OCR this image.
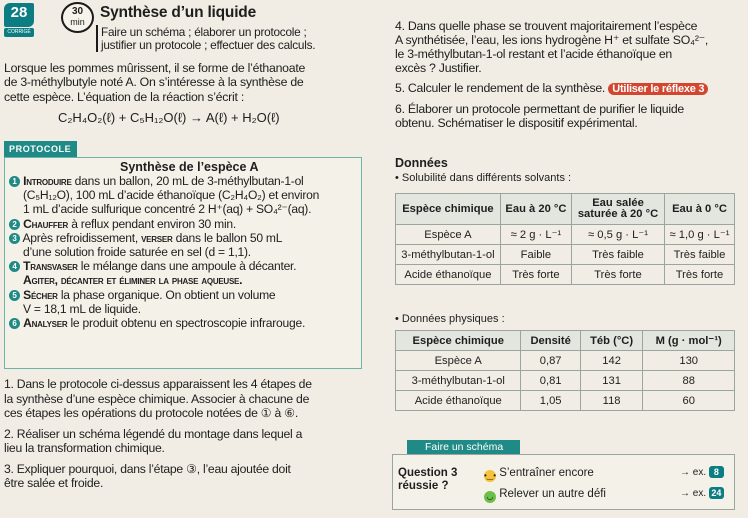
28
CORRIGÉ
30
min
Synthèse d’un liquide
Faire un schéma ; élaborer un protocole ;
justifier un protocole ; effectuer des calculs.
Lorsque les pommes mûrissent, il se forme de l’éthanoate
de 3-méthylbutyle noté A. On s’intéresse à la synthèse de
cette espèce. L’équation de la réaction s’écrit :
C₂H₄O₂(ℓ) + C₅H₁₂O(ℓ) → A(ℓ) + H₂O(ℓ)
PROTOCOLE
Synthèse de l’espèce A
1 Introduire dans un ballon, 20 mL de 3-méthylbutan-1-ol
(C₅H₁₂O), 100 mL d’acide éthanoïque (C₂H₄O₂) et environ
1 mL d’acide sulfurique concentré 2 H⁺(aq) + SO₄²⁻(aq).
2 Chauffer à reflux pendant environ 30 min.
3 Après refroidissement, verser dans le ballon 50 mL
d’une solution froide saturée en sel (d = 1,1).
4 Transvaser le mélange dans une ampoule à décanter.
Agiter, décanter et éliminer la phase aqueuse.
5 Sécher la phase organique. On obtient un volume
V = 18,1 mL de liquide.
6 Analyser le produit obtenu en spectroscopie infrarouge.
1. Dans le protocole ci-dessus apparaissent les 4 étapes de
la synthèse d’une espèce chimique. Associer à chacune de
ces étapes les opérations du protocole notées de ① à ⑥.
2. Réaliser un schéma légendé du montage dans lequel a
lieu la transformation chimique.
3. Expliquer pourquoi, dans l’étape ③, l’eau ajoutée doit
être salée et froide.
4. Dans quelle phase se trouvent majoritairement l’espèce
A synthétisée, l’eau, les ions hydrogène H⁺ et sulfate SO₄²⁻,
le 3-méthylbutan-1-ol restant et l’acide éthanoïque en
excès ? Justifier.
5. Calculer le rendement de la synthèse. Utiliser le réflexe 3
6. Élaborer un protocole permettant de purifier le liquide
obtenu. Schématiser le dispositif expérimental.
Données
• Solubilité dans différents solvants :
Espèce chimique	Eau à 20 °C	Eau salée saturée à 20 °C	Eau à 0 °C
Espèce A	≈ 2 g · L⁻¹	≈ 0,5 g · L⁻¹	≈ 1,0 g · L⁻¹
3-méthylbutan-1-ol	Faible	Très faible	Très faible
Acide éthanoïque	Très forte	Très forte	Très forte
• Données physiques :
Espèce chimique	Densité	Téb (°C)	M (g · mol⁻¹)
Espèce A	0,87	142	130
3-méthylbutan-1-ol	0,81	131	88
Acide éthanoïque	1,05	118	60
Faire un schéma
Question 3
réussie ?
•‿• S’entraîner encore	→ ex. 8
◡ Relever un autre défi	→ ex. 24
